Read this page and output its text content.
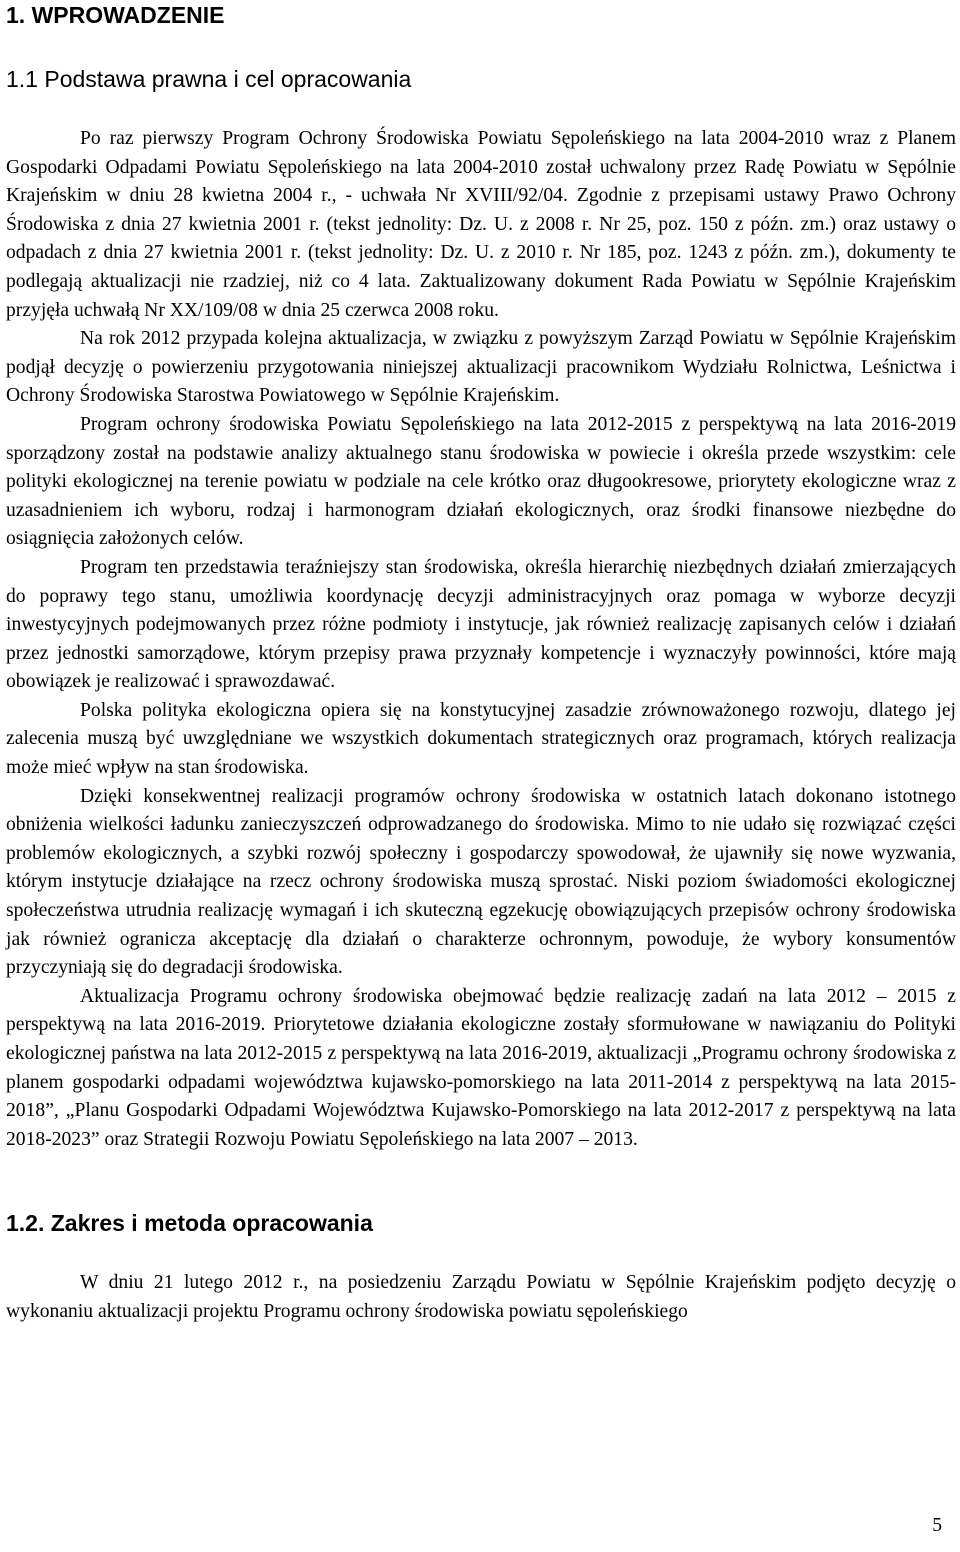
1. WPROWADZENIE
1.1 Podstawa prawna i cel opracowania

Po raz pierwszy Program Ochrony Środowiska Powiatu Sępoleńskiego na lata 2004-2010 wraz z Planem Gospodarki Odpadami Powiatu Sępoleńskiego na lata 2004-2010 został uchwalony przez Radę Powiatu w Sępólnie Krajeńskim w dniu 28 kwietna 2004 r., - uchwała Nr XVIII/92/04. Zgodnie z przepisami ustawy Prawo Ochrony Środowiska z dnia 27 kwietnia 2001 r. (tekst jednolity: Dz. U. z 2008 r. Nr 25, poz. 150 z późn. zm.) oraz ustawy o odpadach z dnia 27 kwietnia 2001 r. (tekst jednolity: Dz. U. z 2010 r. Nr 185, poz. 1243 z późn. zm.), dokumenty te podlegają aktualizacji nie rzadziej, niż co 4 lata. Zaktualizowany dokument Rada Powiatu w Sępólnie Krajeńskim przyjęła uchwałą Nr XX/109/08 w dnia 25 czerwca 2008 roku.

Na rok 2012 przypada kolejna aktualizacja, w związku z powyższym Zarząd Powiatu w Sępólnie Krajeńskim podjął decyzję o powierzeniu przygotowania niniejszej aktualizacji pracownikom Wydziału Rolnictwa, Leśnictwa i Ochrony Środowiska Starostwa Powiatowego w Sępólnie Krajeńskim.

Program ochrony środowiska Powiatu Sępoleńskiego na lata 2012-2015 z perspektywą na lata 2016-2019 sporządzony został na podstawie analizy aktualnego stanu środowiska w powiecie i określa przede wszystkim: cele polityki ekologicznej na terenie powiatu w podziale na cele krótko oraz długookresowe, priorytety ekologiczne wraz z uzasadnieniem ich wyboru, rodzaj i harmonogram działań ekologicznych, oraz środki finansowe niezbędne do osiągnięcia założonych celów.

Program ten przedstawia teraźniejszy stan środowiska, określa hierarchię niezbędnych działań zmierzających do poprawy tego stanu, umożliwia koordynację decyzji administracyjnych oraz pomaga w wyborze decyzji inwestycyjnych podejmowanych przez różne podmioty i instytucje, jak również realizację zapisanych celów i działań przez jednostki samorządowe, którym przepisy prawa przyznały kompetencje i wyznaczyły powinności, które mają obowiązek je realizować i sprawozdawać.

Polska polityka ekologiczna opiera się na konstytucyjnej zasadzie zrównoważonego rozwoju, dlatego jej zalecenia muszą być uwzględniane we wszystkich dokumentach strategicznych oraz programach, których realizacja może mieć wpływ na stan środowiska.

Dzięki konsekwentnej realizacji programów ochrony środowiska w ostatnich latach dokonano istotnego obniżenia wielkości ładunku zanieczyszczeń odprowadzanego do środowiska. Mimo to nie udało się rozwiązać części problemów ekologicznych, a szybki rozwój społeczny i gospodarczy spowodował, że ujawniły się nowe wyzwania, którym instytucje działające na rzecz ochrony środowiska muszą sprostać. Niski poziom świadomości ekologicznej społeczeństwa utrudnia realizację wymagań i ich skuteczną egzekucję obowiązujących przepisów ochrony środowiska jak również ogranicza akceptację dla działań o charakterze ochronnym, powoduje, że wybory konsumentów przyczyniają się do degradacji środowiska.

Aktualizacja Programu ochrony środowiska obejmować będzie realizację zadań na lata 2012 – 2015 z perspektywą na lata 2016-2019. Priorytetowe działania ekologiczne zostały sformułowane w nawiązaniu do Polityki ekologicznej państwa na lata 2012-2015 z perspektywą na lata 2016-2019, aktualizacji „Programu ochrony środowiska z planem gospodarki odpadami województwa kujawsko-pomorskiego na lata 2011-2014 z perspektywą na lata 2015-2018”, „Planu Gospodarki Odpadami Województwa Kujawsko-Pomorskiego na lata 2012-2017 z perspektywą na lata 2018-2023” oraz Strategii Rozwoju Powiatu Sępoleńskiego na lata 2007 – 2013.

1.2. Zakres i metoda opracowania

W dniu 21 lutego 2012 r., na posiedzeniu Zarządu Powiatu w Sępólnie Krajeńskim podjęto decyzję o wykonaniu aktualizacji projektu Programu ochrony środowiska powiatu sępoleńskiego

5
